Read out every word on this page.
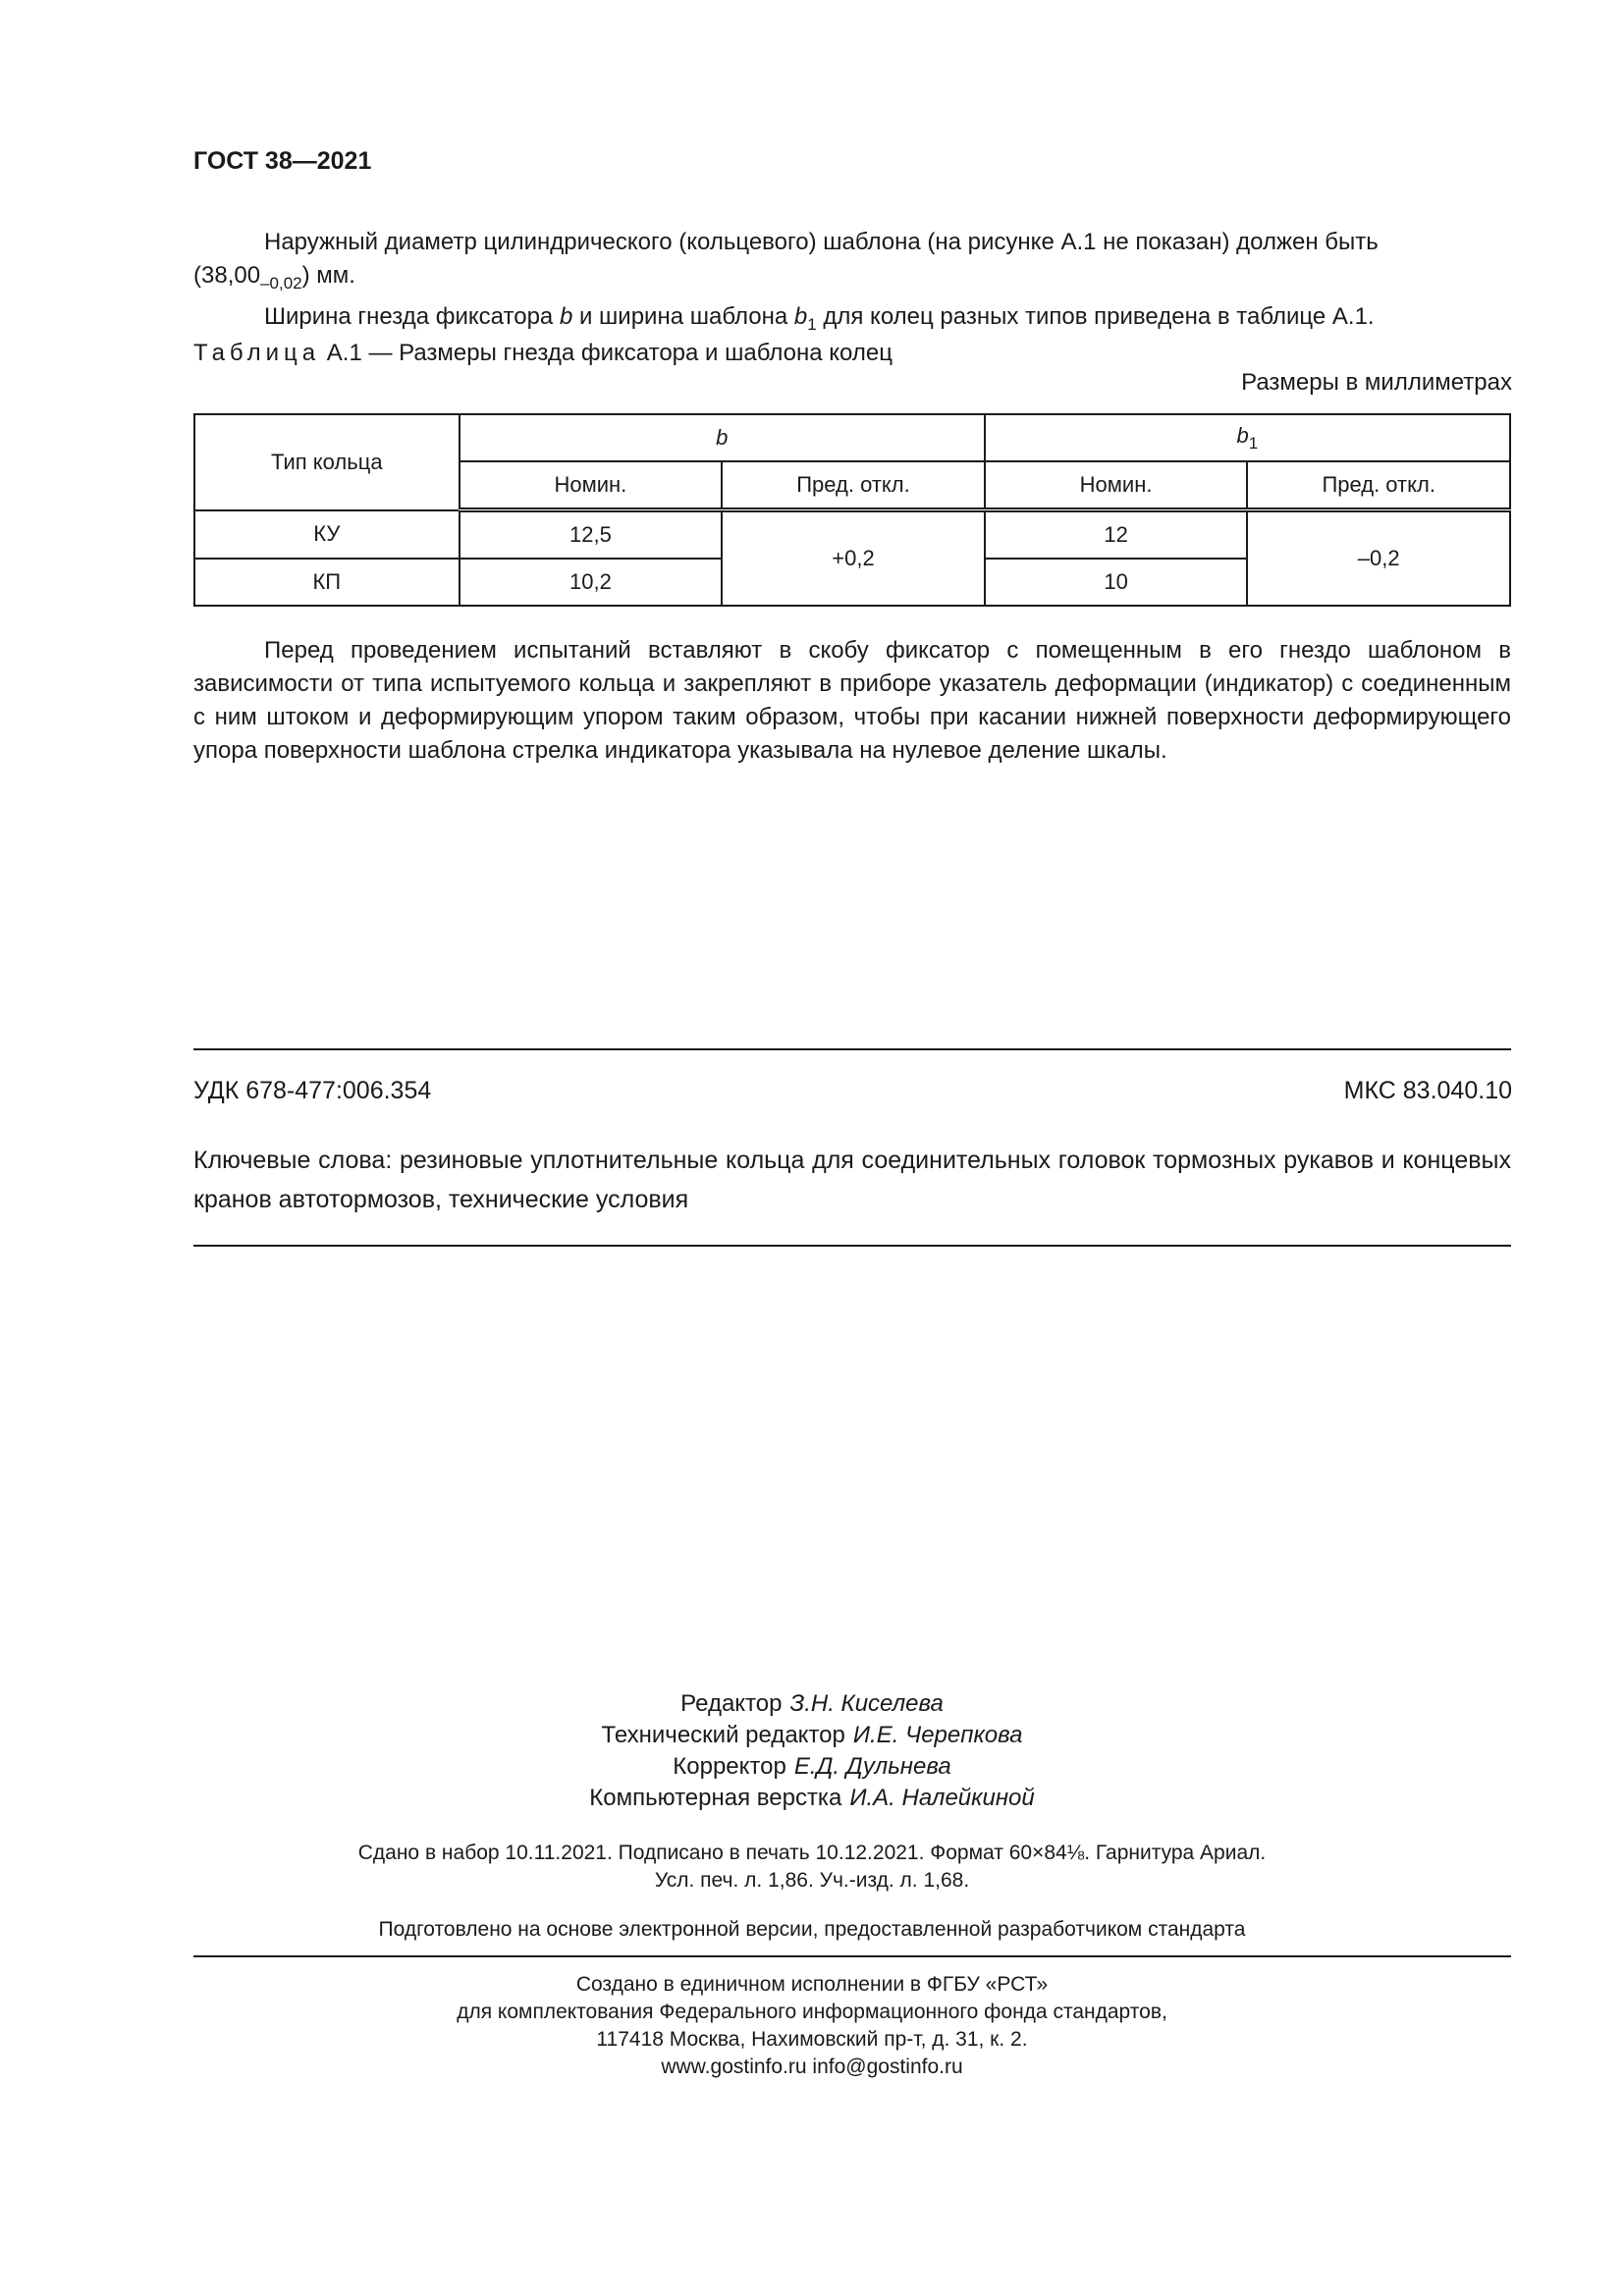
ГОСТ 38—2021

Наружный диаметр цилиндрического (кольцевого) шаблона (на рисунке А.1 не показан) должен быть

$(38,00_{-0,02})$ мм.

Ширина гнезда фиксатора b и ширина шаблона $b_1$ для колец разных типов приведена в таблице А.1.

Таблица А.1 — Размеры гнезда фиксатора и шаблона колец
Размеры в миллиметрах
Тип кольца	b		$b_1$
	Номин.	Пред. откл.	Номин.	Пред. откл.
КУ	12,5	+0,2	12	–0,2
КП	10,2		10	

Перед проведением испытаний вставляют в скобу фиксатор с помещенным в его гнездо шаблоном в зависимости от типа испытуемого кольца и закрепляют в приборе указатель деформации (индикатор) с соединенным с ним штоком и деформирующим упором таким образом, чтобы при касании нижней поверхности деформирующего упора поверхности шаблона стрелка индикатора указывала на нулевое деление шкалы.

УДК 678-477:006.354	МКС 83.040.10
Ключевые слова: резиновые уплотнительные кольца для соединительных головок тормозных рукавов и концевых кранов автотормозов, технические условия
Редактор З.Н. Киселева
Технический редактор И.Е. Черепкова
Корректор Е.Д. Дульнева
Компьютерная верстка И.А. Налейкиной
Сдано в набор 10.11.2021. Подписано в печать 10.12.2021. Формат 60×84⅛. Гарнитура Ариал.
Усл. печ. л. 1,86. Уч.-изд. л. 1,68.
Подготовлено на основе электронной версии, предоставленной разработчиком стандарта
Создано в единичном исполнении в ФГБУ «РСТ»
для комплектования Федерального информационного фонда стандартов,
117418 Москва, Нахимовский пр-т, д. 31, к. 2.
www.gostinfo.ru info@gostinfo.ru
